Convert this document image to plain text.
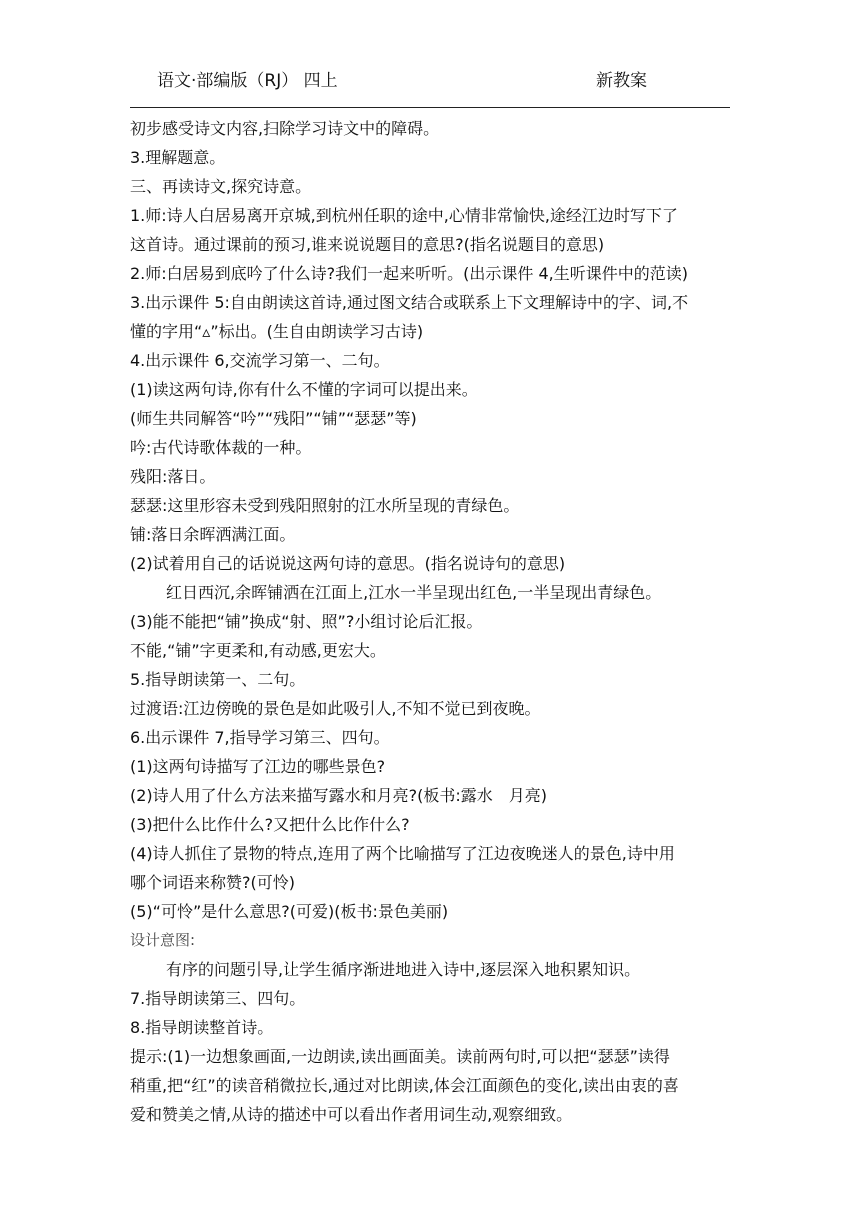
语文·部编版（RJ） 四上	新教案
初步感受诗文内容,扫除学习诗文中的障碍。
3.理解题意。
三、再读诗文,探究诗意。
1.师:诗人白居易离开京城,到杭州任职的途中,心情非常愉快,途经江边时写下了
这首诗。通过课前的预习,谁来说说题目的意思?(指名说题目的意思)
2.师:白居易到底吟了什么诗?我们一起来听听。(出示课件 4,生听课件中的范读)
3.出示课件 5:自由朗读这首诗,通过图文结合或联系上下文理解诗中的字、词,不
懂的字用“▵”标出。(生自由朗读学习古诗)
4.出示课件 6,交流学习第一、二句。
(1)读这两句诗,你有什么不懂的字词可以提出来。
(师生共同解答“吟”“残阳”“铺”“瑟瑟”等)
吟:古代诗歌体裁的一种。
残阳:落日。
瑟瑟:这里形容未受到残阳照射的江水所呈现的青绿色。
铺:落日余晖洒满江面。
(2)试着用自己的话说说这两句诗的意思。(指名说诗句的意思)
红日西沉,余晖铺洒在江面上,江水一半呈现出红色,一半呈现出青绿色。
(3)能不能把“铺”换成“射、照”?小组讨论后汇报。
不能,“铺”字更柔和,有动感,更宏大。
5.指导朗读第一、二句。
过渡语:江边傍晚的景色是如此吸引人,不知不觉已到夜晚。
6.出示课件 7,指导学习第三、四句。
(1)这两句诗描写了江边的哪些景色?
(2)诗人用了什么方法来描写露水和月亮?(板书:露水　月亮)
(3)把什么比作什么?又把什么比作什么?
(4)诗人抓住了景物的特点,连用了两个比喻描写了江边夜晚迷人的景色,诗中用
哪个词语来称赞?(可怜)
(5)“可怜”是什么意思?(可爱)(板书:景色美丽)
设计意图:
有序的问题引导,让学生循序渐进地进入诗中,逐层深入地积累知识。
7.指导朗读第三、四句。
8.指导朗读整首诗。
提示:(1)一边想象画面,一边朗读,读出画面美。读前两句时,可以把“瑟瑟”读得
稍重,把“红”的读音稍微拉长,通过对比朗读,体会江面颜色的变化,读出由衷的喜
爱和赞美之情,从诗的描述中可以看出作者用词生动,观察细致。
